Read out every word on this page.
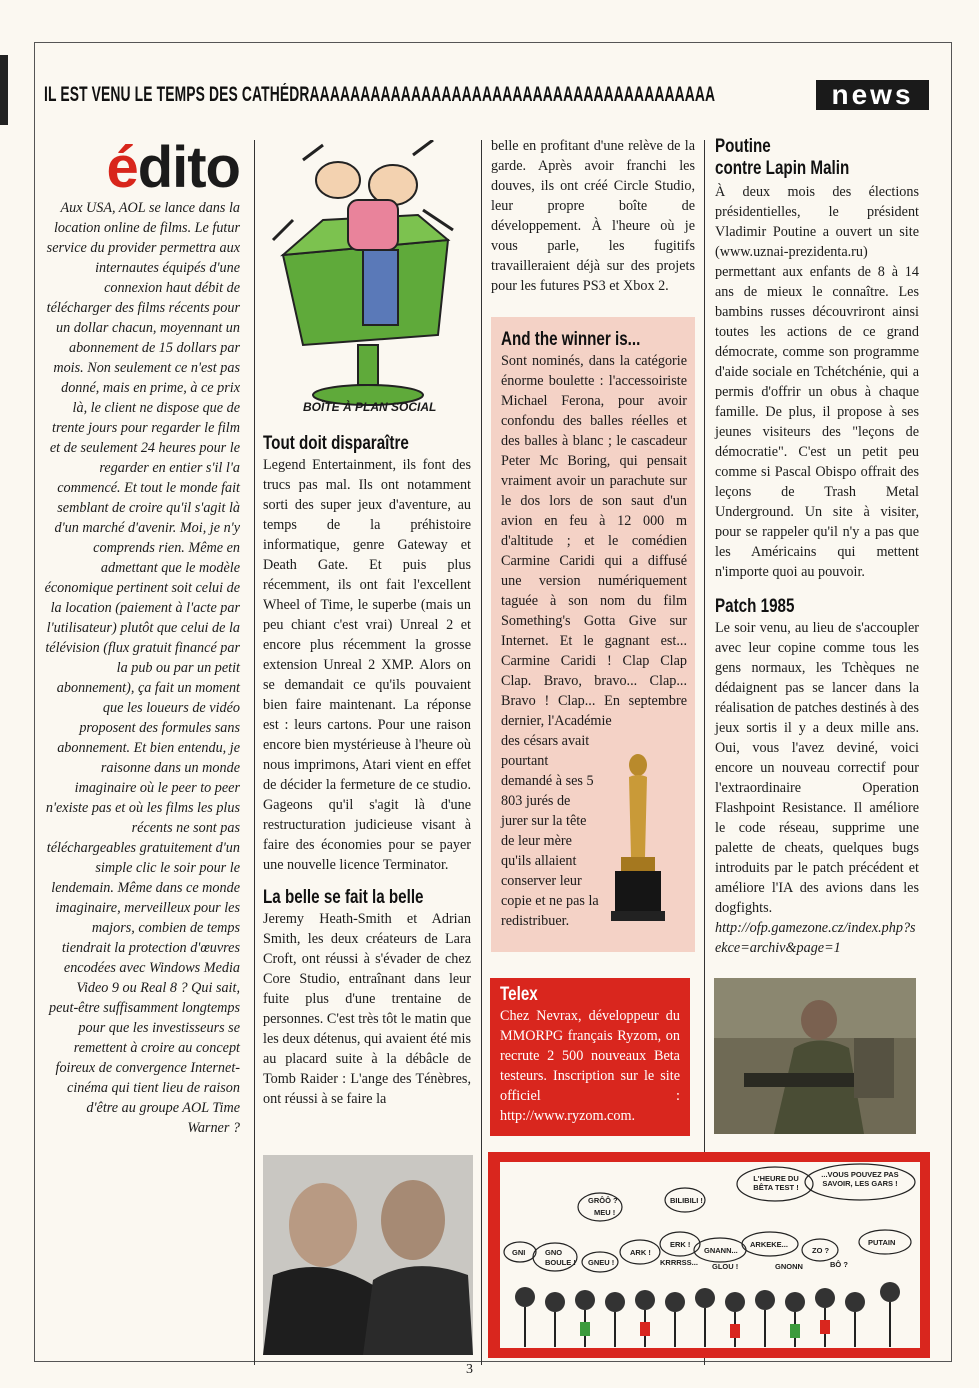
IL EST VENU LE TEMPS DES CATHÉDRAAAAAAAAAAAAAAAAAAAAAAAAAAAAAAAAAAAAAAAA	news
édito
Aux USA, AOL se lance dans la location online de films. Le futur service du provider permettra aux internautes équipés d'une connexion haut débit de télécharger des films récents pour un dollar chacun, moyennant un abonnement de 15 dollars par mois. Non seulement ce n'est pas donné, mais en prime, à ce prix là, le client ne dispose que de trente jours pour regarder le film et de seulement 24 heures pour le regarder en entier s'il l'a commencé. Et tout le monde fait semblant de croire qu'il s'agit là d'un marché d'avenir. Moi, je n'y comprends rien. Même en admettant que le modèle économique pertinent soit celui de la location (paiement à l'acte par l'utilisateur) plutôt que celui de la télévision (flux gratuit financé par la pub ou par un petit abonnement), ça fait un moment que les loueurs de vidéo proposent des formules sans abonnement. Et bien entendu, je raisonne dans un monde imaginaire où le peer to peer n'existe pas et où les films les plus récents ne sont pas téléchargeables gratuitement d'un simple clic le soir pour le lendemain. Même dans ce monde imaginaire, merveilleux pour les majors, combien de temps tiendrait la protection d'œuvres encodées avec Windows Media Video 9 ou Real 8 ? Qui sait, peut-être suffisamment longtemps pour que les investisseurs se remettent à croire au concept foireux de convergence Internet-cinéma qui tient lieu de raison d'être au groupe AOL Time Warner ?
BOÎTE À PLAN SOCIAL
Tout doit disparaître

Legend Entertainment, ils font des trucs pas mal. Ils ont notamment sorti des super jeux d'aventure, au temps de la préhistoire informatique, genre Gateway et Death Gate. Et puis plus récemment, ils ont fait l'excellent Wheel of Time, le superbe (mais un peu chiant c'est vrai) Unreal 2 et encore plus récemment la grosse extension Unreal 2 XMP. Alors on se demandait ce qu'ils pouvaient bien faire maintenant. La réponse est : leurs cartons. Pour une raison encore bien mystérieuse à l'heure où nous imprimons, Atari vient en effet de décider la fermeture de ce studio. Gageons qu'il s'agit là d'une restructuration judicieuse visant à faire des économies pour se payer une nouvelle licence Terminator.

La belle se fait la belle

Jeremy Heath-Smith et Adrian Smith, les deux créateurs de Lara Croft, ont réussi à s'évader de chez Core Studio, entraînant dans leur fuite plus d'une trentaine de personnes. C'est très tôt le matin que les deux détenus, qui avaient été mis au placard suite à la débâcle de Tomb Raider : L'ange des Ténèbres, ont réussi à se faire la

belle en profitant d'une relève de la garde. Après avoir franchi les douves, ils ont créé Circle Studio, leur propre boîte de développement. À l'heure où je vous parle, les fugitifs travailleraient déjà sur des projets pour les futures PS3 et Xbox 2.

And the winner is...

Sont nominés, dans la catégorie énorme boulette : l'accessoiriste Michael Ferona, pour avoir confondu des balles réelles et des balles à blanc ; le cascadeur Peter Mc Boring, qui pensait vraiment avoir un parachute sur le dos lors de son saut d'un avion en feu à 12 000 m d'altitude ; et le comédien Carmine Caridi qui a diffusé une version numériquement taguée à son nom du film Something's Gotta Give sur Internet. Et le gagnant est... Carmine Caridi ! Clap Clap Clap. Bravo, bravo... Clap... Bravo ! Clap... En septembre dernier, l'Académie

des césars avait pourtant demandé à ses 5 803 jurés de jurer sur la tête de leur mère qu'ils allaient conserver leur copie et ne pas la redistribuer.

Telex

Chez Nevrax, développeur du MMORPG français Ryzom, on recrute 2 500 nouveaux Beta testeurs. Inscription sur le site officiel : http://www.ryzom.com.

GRÔÔ ?
MEU !
BILIBILI !
L'HEURE DU BÊTA TEST !
...VOUS POUVEZ PAS SAVOIR, LES GARS !
GNI	GNO
BOULE !
ARK !
ERK !
GNANN...
ARKEKE...
ZO ?
PUTAIN
GNEU !	KRRRSS... GLOU !	GNONN	BÔ ?
Poutine
contre Lapin Malin

À deux mois des élections présidentielles, le président Vladimir Poutine a ouvert un site (www.uznai-prezidenta.ru) permettant aux enfants de 8 à 14 ans de mieux le connaître. Les bambins russes découvriront ainsi toutes les actions de ce grand démocrate, comme son programme d'aide sociale en Tchétchénie, qui a permis d'offrir un obus à chaque famille. De plus, il propose à ses jeunes visiteurs des "leçons de démocratie". C'est un petit peu comme si Pascal Obispo offrait des leçons de Trash Metal Underground. Un site à visiter, pour se rappeler qu'il n'y a pas que les Américains qui mettent n'importe quoi au pouvoir.

Patch 1985

Le soir venu, au lieu de s'accoupler avec leur copine comme tous les gens normaux, les Tchèques ne dédaignent pas se lancer dans la réalisation de patches destinés à des jeux sortis il y a deux mille ans. Oui, vous l'avez deviné, voici encore un nouveau correctif pour l'extraordinaire Operation Flashpoint Resistance. Il améliore le code réseau, supprime une palette de cheats, quelques bugs introduits par le patch précédent et améliore l'IA des avions dans les dogfights.

http://ofp.gamezone.cz/index.php?sekce=archiv&page=1

3
